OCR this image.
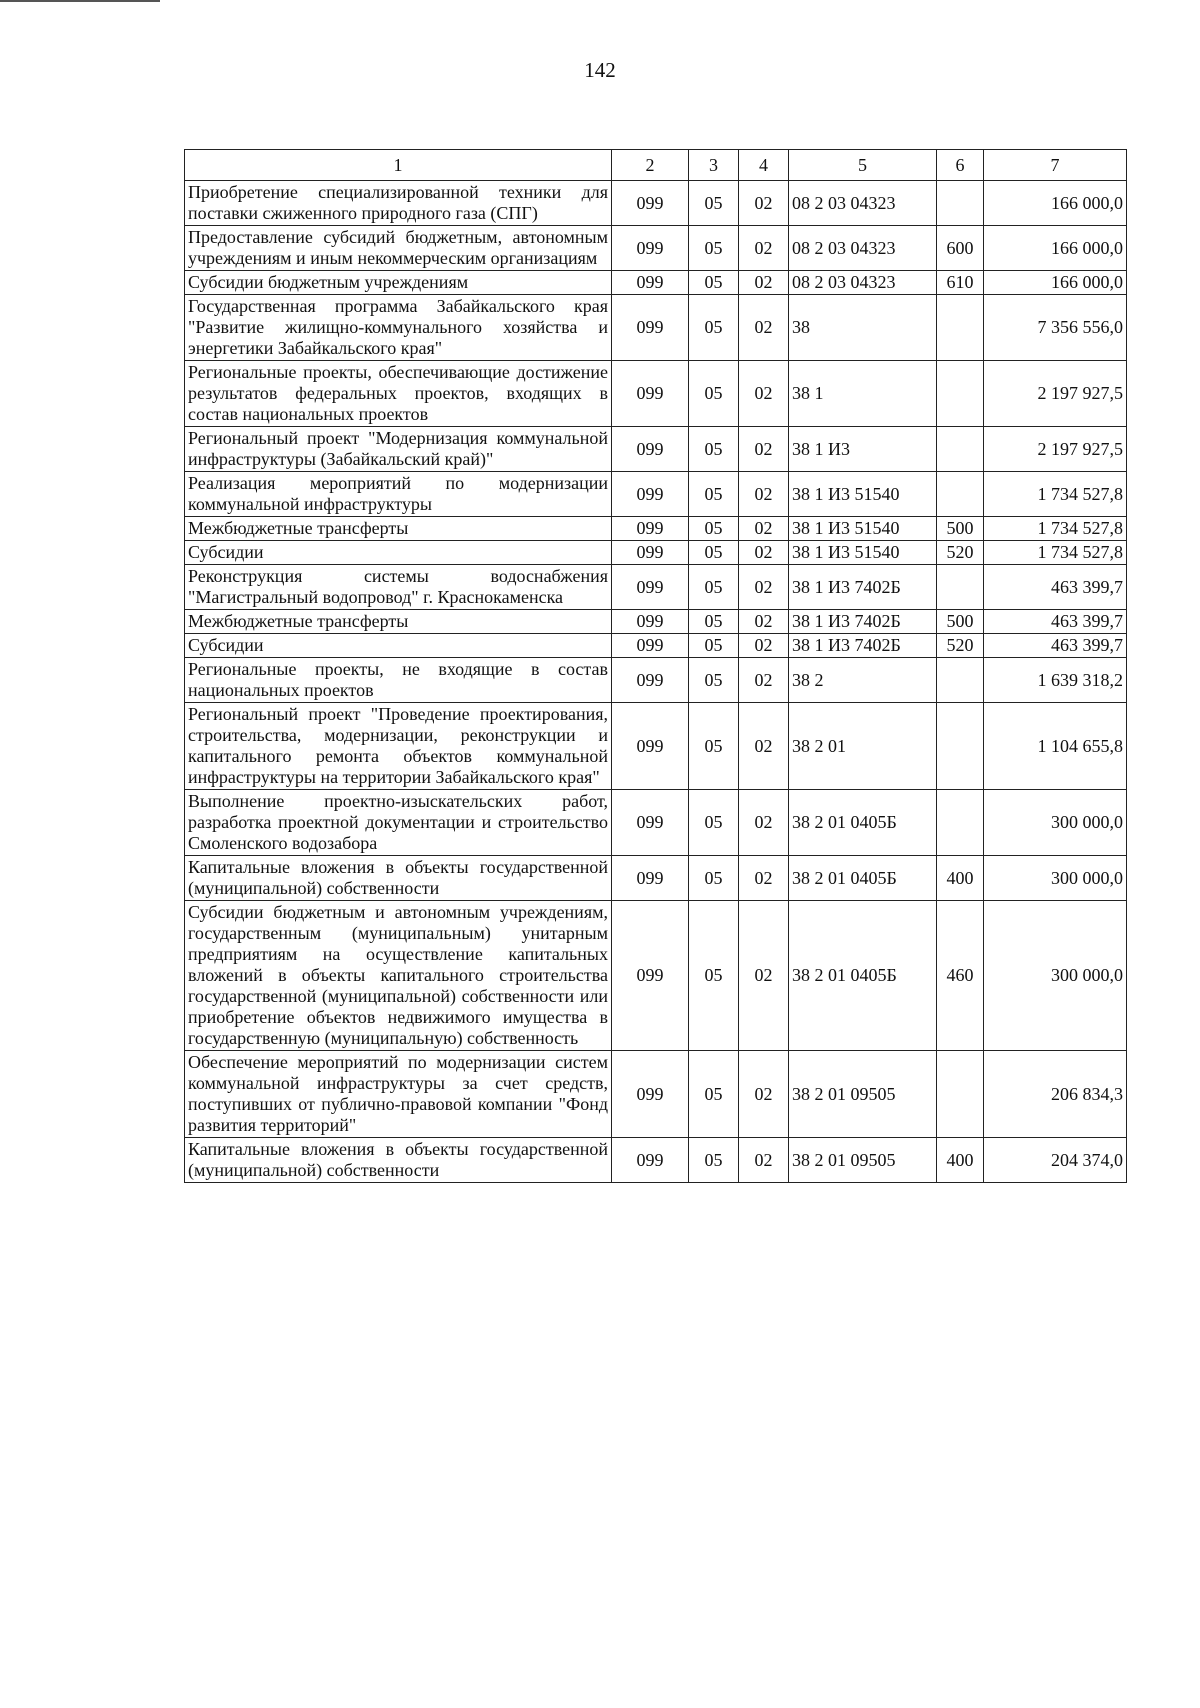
142
1	2	3	4	5	6	7
Приобретение специализированной техники для поставки сжиженного природного газа (СПГ)	099	05	02	08 2 03 04323		166 000,0
Предоставление субсидий бюджетным, автономным учреждениям и иным некоммерческим организациям	099	05	02	08 2 03 04323	600	166 000,0
Субсидии бюджетным учреждениям	099	05	02	08 2 03 04323	610	166 000,0
Государственная программа Забайкальского края "Развитие жилищно-коммунального хозяйства и энергетики Забайкальского края"	099	05	02	38		7 356 556,0
Региональные проекты, обеспечивающие достижение результатов федеральных проектов, входящих в состав национальных проектов	099	05	02	38 1		2 197 927,5
Региональный проект "Модернизация коммунальной инфраструктуры (Забайкальский край)"	099	05	02	38 1 И3		2 197 927,5
Реализация мероприятий по модернизации коммунальной инфраструктуры	099	05	02	38 1 И3 51540		1 734 527,8
Межбюджетные трансферты	099	05	02	38 1 И3 51540	500	1 734 527,8
Субсидии	099	05	02	38 1 И3 51540	520	1 734 527,8
Реконструкция системы водоснабжения "Магистральный водопровод" г. Краснокаменска	099	05	02	38 1 И3 7402Б		463 399,7
Межбюджетные трансферты	099	05	02	38 1 И3 7402Б	500	463 399,7
Субсидии	099	05	02	38 1 И3 7402Б	520	463 399,7
Региональные проекты, не входящие в состав национальных проектов	099	05	02	38 2		1 639 318,2
Региональный проект "Проведение проектирования, строительства, модернизации, реконструкции и капитального ремонта объектов коммунальной инфраструктуры на территории Забайкальского края"	099	05	02	38 2 01		1 104 655,8
Выполнение проектно-изыскательских работ, разработка проектной документации и строительство Смоленского водозабора	099	05	02	38 2 01 0405Б		300 000,0
Капитальные вложения в объекты государственной (муниципальной) собственности	099	05	02	38 2 01 0405Б	400	300 000,0
Субсидии бюджетным и автономным учреждениям, государственным (муниципальным) унитарным предприятиям на осуществление капитальных вложений в объекты капитального строительства государственной (муниципальной) собственности или приобретение объектов недвижимого имущества в государственную (муниципальную) собственность	099	05	02	38 2 01 0405Б	460	300 000,0
Обеспечение мероприятий по модернизации систем коммунальной инфраструктуры за счет средств, поступивших от публично-правовой компании "Фонд развития территорий"	099	05	02	38 2 01 09505		206 834,3
Капитальные вложения в объекты государственной (муниципальной) собственности	099	05	02	38 2 01 09505	400	204 374,0
